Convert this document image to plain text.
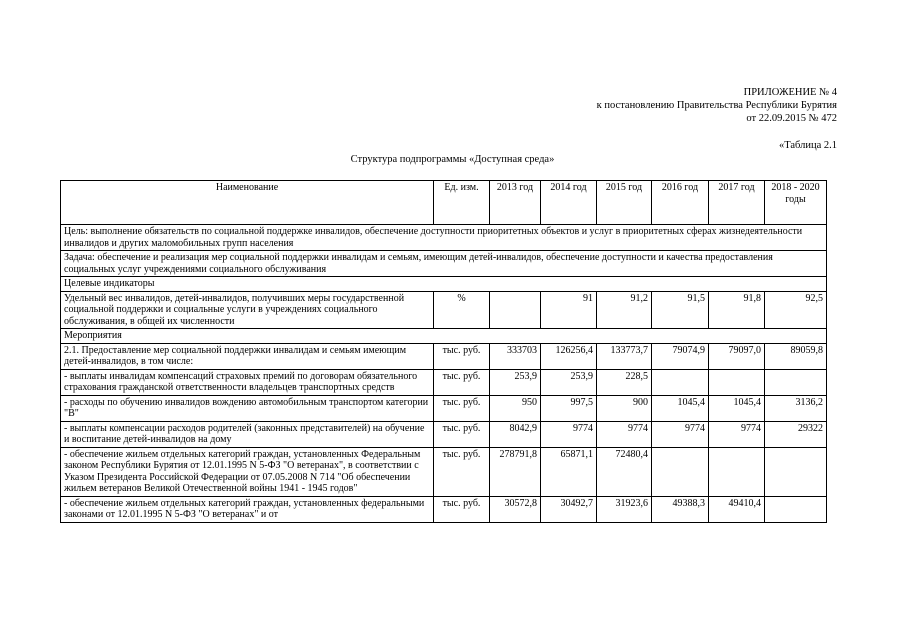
ПРИЛОЖЕНИЕ № 4
к постановлению Правительства Республики Бурятия
от 22.09.2015 № 472
«Таблица 2.1
Структура подпрограммы «Доступная среда»
Наименование	Ед. изм.	2013 год	2014 год	2015 год	2016 год	2017 год	2018 - 2020 годы
Цель: выполнение обязательств по социальной поддержке инвалидов, обеспечение доступности приоритетных объектов и услуг в приоритетных сферах жизнедеятельности инвалидов и других маломобильных групп населения							
Задача: обеспечение и реализация мер социальной поддержки инвалидам и семьям, имеющим детей-инвалидов, обеспечение доступности и качества предоставления социальных услуг учреждениями социального обслуживания							
Целевые индикаторы							
Удельный вес инвалидов, детей-инвалидов, получивших меры государственной социальной поддержки и социальные услуги в учреждениях социального обслуживания, в общей их численности	%		91	91,2	91,5	91,8	92,5
Мероприятия							
2.1. Предоставление мер социальной поддержки инвалидам и семьям имеющим детей-инвалидов, в том числе:	тыс. руб.	333703	126256,4	133773,7	79074,9	79097,0	89059,8
- выплаты инвалидам компенсаций страховых премий по договорам обязательного страхования гражданской ответственности владельцев транспортных средств	тыс. руб.	253,9	253,9	228,5			
- расходы по обучению инвалидов вождению автомобильным транспортом категории "В"	тыс. руб.	950	997,5	900	1045,4	1045,4	3136,2
- выплаты компенсации расходов родителей (законных представителей) на обучение и воспитание детей-инвалидов на дому	тыс. руб.	8042,9	9774	9774	9774	9774	29322
- обеспечение жильем отдельных категорий граждан, установленных Федеральным законом Республики Бурятия от 12.01.1995 N 5-ФЗ "О ветеранах", в соответствии с Указом Президента Российской Федерации от 07.05.2008 N 714 "Об обеспечении жильем ветеранов Великой Отечественной войны 1941 - 1945 годов"	тыс. руб.	278791,8	65871,1	72480,4			
- обеспечение жильем отдельных категорий граждан, установленных федеральными законами от 12.01.1995 N 5-ФЗ "О ветеранах" и от	тыс. руб.	30572,8	30492,7	31923,6	49388,3	49410,4	
